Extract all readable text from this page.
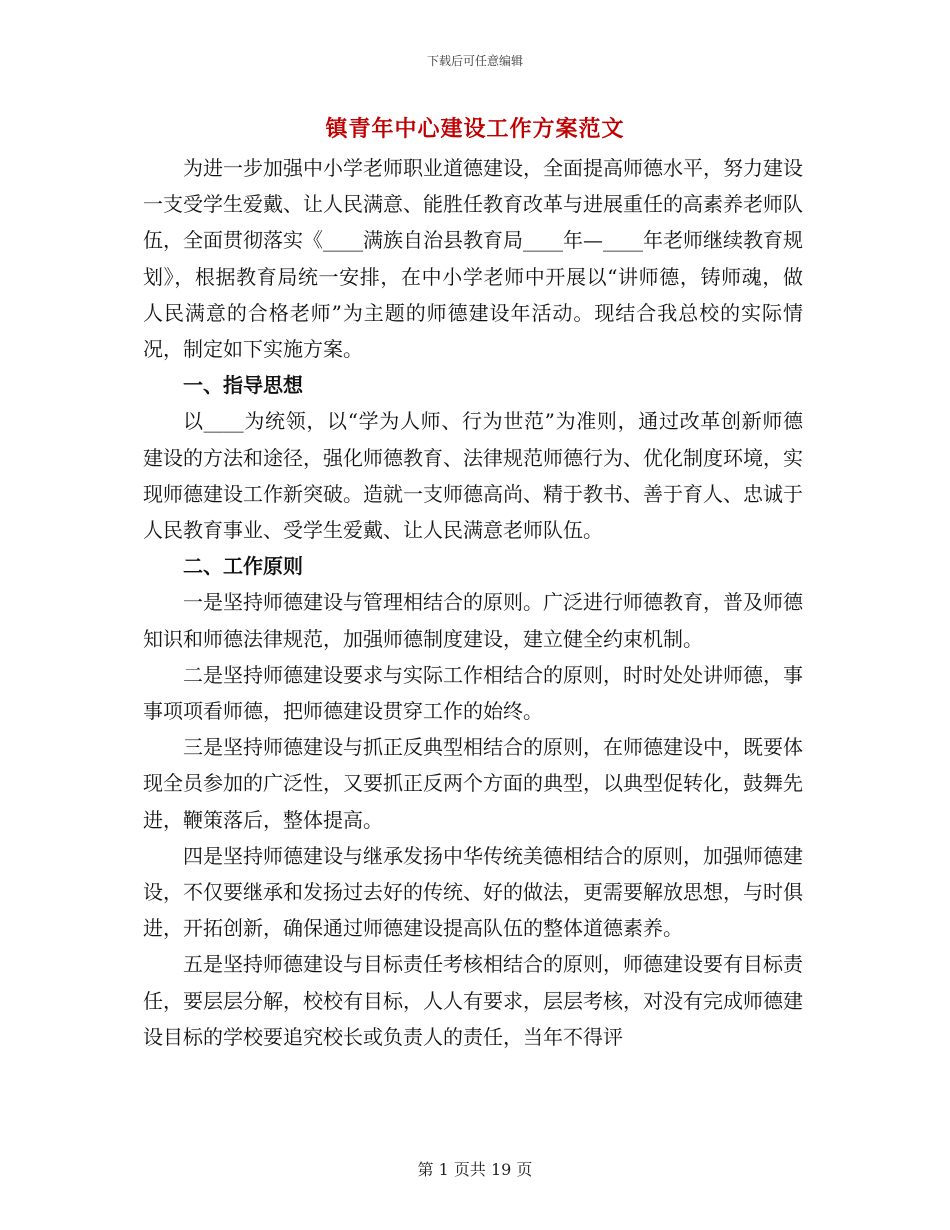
下载后可任意编辑
镇青年中心建设工作方案范文

为进一步加强中小学老师职业道德建设，全面提高师德水平，努力建设一支受学生爱戴、让人民满意、能胜任教育改革与进展重任的高素养老师队伍，全面贯彻落实《____满族自治县教育局____年—____年老师继续教育规划》，根据教育局统一安排，在中小学老师中开展以“讲师德，铸师魂，做人民满意的合格老师”为主题的师德建设年活动。现结合我总校的实际情况，制定如下实施方案。

一、指导思想

以____为统领，以“学为人师、行为世范”为准则，通过改革创新师德建设的方法和途径，强化师德教育、法律规范师德行为、优化制度环境，实现师德建设工作新突破。造就一支师德高尚、精于教书、善于育人、忠诚于人民教育事业、受学生爱戴、让人民满意老师队伍。

二、工作原则

一是坚持师德建设与管理相结合的原则。广泛进行师德教育，普及师德知识和师德法律规范，加强师德制度建设，建立健全约束机制。

二是坚持师德建设要求与实际工作相结合的原则，时时处处讲师德，事事项项看师德，把师德建设贯穿工作的始终。

三是坚持师德建设与抓正反典型相结合的原则，在师德建设中，既要体现全员参加的广泛性，又要抓正反两个方面的典型，以典型促转化，鼓舞先进，鞭策落后，整体提高。

四是坚持师德建设与继承发扬中华传统美德相结合的原则，加强师德建设，不仅要继承和发扬过去好的传统、好的做法，更需要解放思想，与时俱进，开拓创新，确保通过师德建设提高队伍的整体道德素养。

五是坚持师德建设与目标责任考核相结合的原则，师德建设要有目标责任，要层层分解，校校有目标，人人有要求，层层考核，对没有完成师德建设目标的学校要追究校长或负责人的责任，当年不得评

第 1 页共 19 页
